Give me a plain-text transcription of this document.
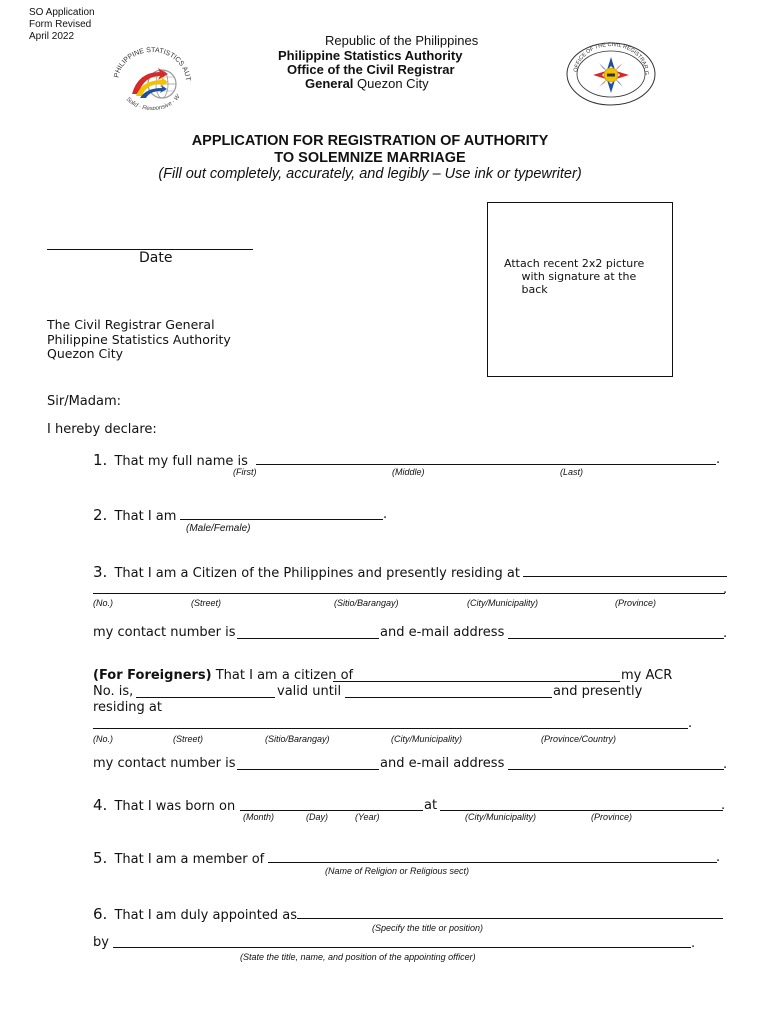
SO Application
Form Revised
April 2022
PHILIPPINE STATISTICS AUT
Solid · Responsive · W
Republic of the Philippines
Philippine Statistics Authority
Office of the Civil Registrar
General Quezon City
OFFICE OF THE CIVIL REGISTRAR G
APPLICATION FOR REGISTRATION OF AUTHORITY
TO SOLEMNIZE MARRIAGE
(Fill out completely, accurately, and legibly – Use ink or typewriter)
Date	Attach recent 2x2 picture
with signature at the
back
The Civil Registrar General
Philippine Statistics Authority
Quezon City
Sir/Madam:
I hereby declare:
1. That my full name is	.
(First)	(Middle)	(Last)
2. That I am	.
(Male/Female)
3. That I am a Citizen of the Philippines and presently residing at
.
(No.)	(Street)	(Sitio/Barangay)	(City/Municipality)	(Province)
my contact number is	and e-mail address	.
(For Foreigners) That I am a citizen of	my ACR
No. is,	valid until	and presently
residing at
.
(No.)	(Street)	(Sitio/Barangay)	(City/Municipality)	(Province/Country)
my contact number is	and e-mail address	.
4. That I was born on	at	.
(Month)	(Day)	(Year)	(City/Municipality)	(Province)
5. That I am a member of	.
(Name of Religion or Religious sect)
6. That I am duly appointed as
(Specify the title or position)
by	.
(State the title, name, and position of the appointing officer)
